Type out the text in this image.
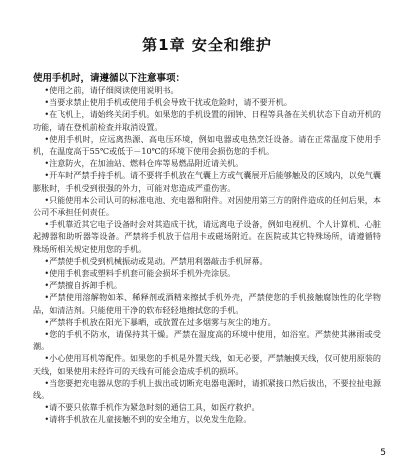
第1章 安全和维护
使用手机时，请遵循以下注意事项：

•使用之前，请仔细阅读使用说明书。

•当要求禁止使用手机或使用手机会导致干扰或危险时，请不要开机。

•在飞机上，请始终关闭手机。如果您的手机设置的闹钟、日程等具备在关机状态下自动开机的功能，请在登机前检查并取消设置。

•使用手机时，应远离热源、高电压环境，例如电器或电热烹饪设备。请在正常温度下使用手机，在温度高于55℃或低于－10℃的环境下使用会损伤您的手机。

•注意防火，在加油站、燃料仓库等易燃品附近请关机。

•开车时严禁手持手机。请不要将手机放在气囊上方或气囊展开后能够触及的区域内，以免气囊膨胀时，手机受到很强的外力，可能对您造成严重伤害。

•只能使用本公司认可的标准电池、充电器和附件。对因使用第三方的附件造成的任何后果，本公司不承担任何责任。

•手机靠近其它电子设备时会对其造成干扰，请远离电子设备，例如电视机、个人计算机、心脏起搏器和助听器等设备。严禁将手机放于信用卡或磁场附近。在医院或其它特殊场所，请遵循特殊场所相关规定使用您的手机。

•严禁使手机受到机械振动或晃动。严禁用利器敲击手机屏幕。

•使用手机套或塑料手机套可能会损坏手机外壳涂层。

•严禁擅自拆卸手机。

•严禁使用溶解物如苯、稀释剂或酒精来擦拭手机外壳，严禁使您的手机接触腐蚀性的化学物品，如清洁剂。只能使用干净的软布轻轻地擦拭您的手机。

•严禁将手机放在阳光下暴晒，或放置在过多烟雾与灰尘的地方。

•您的手机不防水，请保持其干燥。严禁在湿度高的环境中使用，如浴室。严禁使其淋雨或受潮。

•小心使用耳机等配件。如果您的手机是外置天线，如无必要，严禁触摸天线，仅可使用原装的天线，如果使用未经许可的天线有可能会造成手机的损坏。

•当您要把充电器从您的手机上拔出或切断充电器电源时，请抓紧接口然后拔出，不要拉扯电源线。

•请不要只依靠手机作为紧急时刻的通信工具，如医疗救护。

•请将手机放在儿童接触不到的安全地方，以免发生危险。

5
